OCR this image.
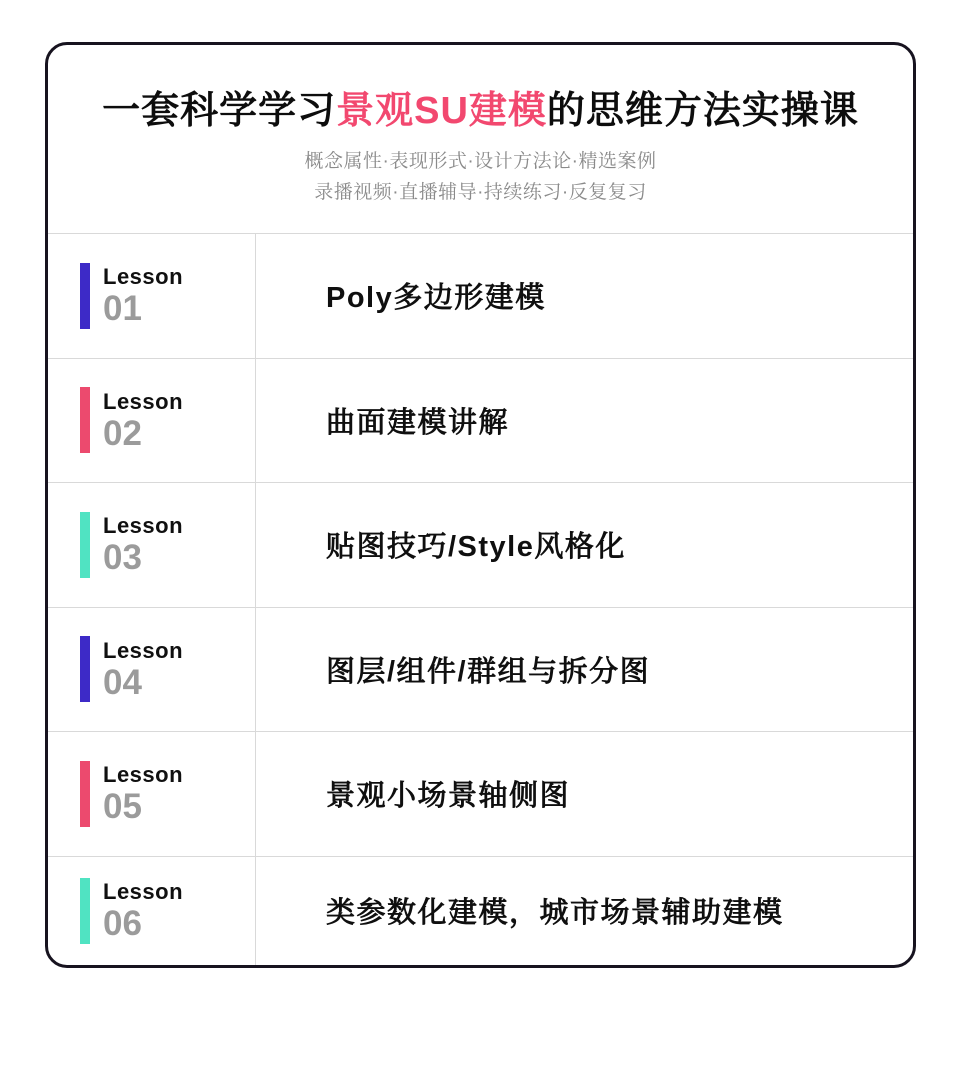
一套科学学习景观SU建模的思维方法实操课
概念属性·表现形式·设计方法论·精选案例
录播视频·直播辅导·持续练习·反复复习
Lesson
01	Poly多边形建模
Lesson
02	曲面建模讲解
Lesson
03	贴图技巧/Style风格化
Lesson
04	图层/组件/群组与拆分图
Lesson
05	景观小场景轴侧图
Lesson
06	类参数化建模，城市场景辅助建模
